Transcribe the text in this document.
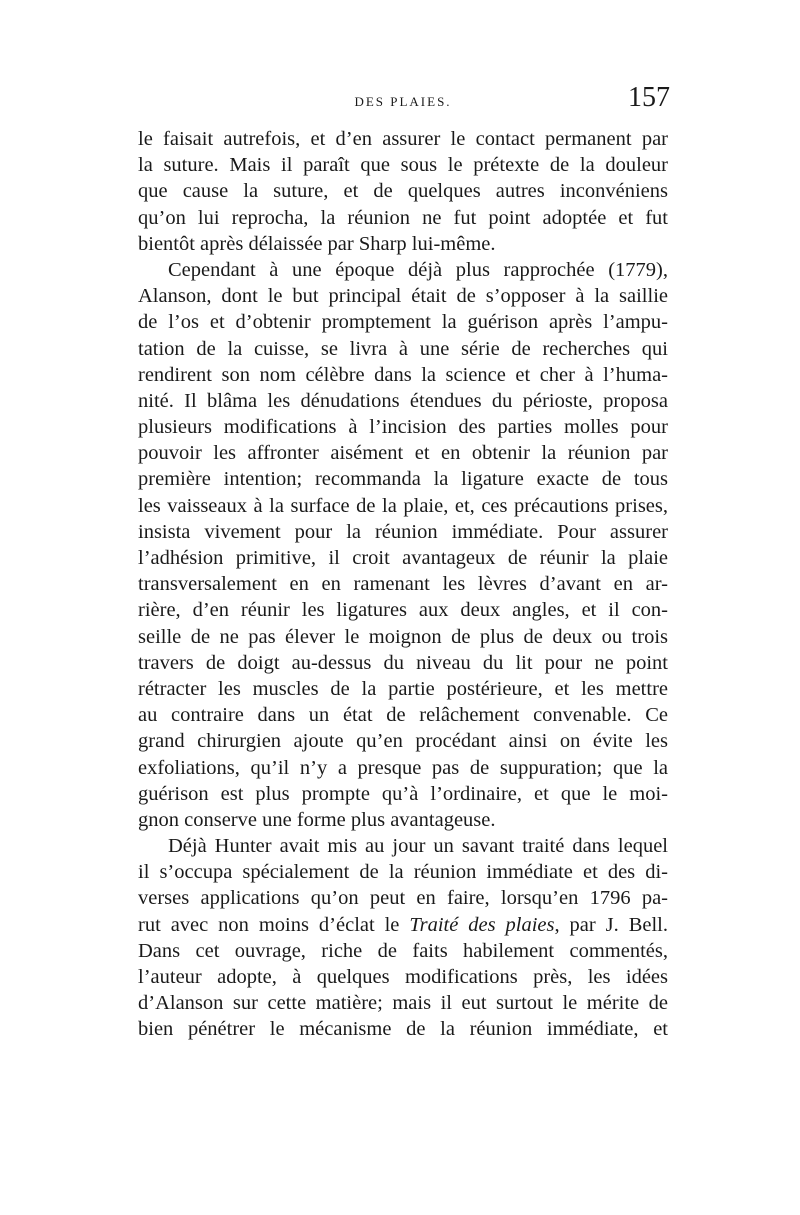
DES PLAIES.	157
le faisait autrefois, et d’en assurer le contact permanent par
la suture. Mais il paraît que sous le prétexte de la douleur
que cause la suture, et de quelques autres inconvéniens
qu’on lui reprocha, la réunion ne fut point adoptée et fut
bientôt après délaissée par Sharp lui-même.
Cependant à une époque déjà plus rapprochée (1779),
Alanson, dont le but principal était de s’opposer à la saillie
de l’os et d’obtenir promptement la guérison après l’ampu-
tation de la cuisse, se livra à une série de recherches qui
rendirent son nom célèbre dans la science et cher à l’huma-
nité. Il blâma les dénudations étendues du périoste, proposa
plusieurs modifications à l’incision des parties molles pour
pouvoir les affronter aisément et en obtenir la réunion par
première intention; recommanda la ligature exacte de tous
les vaisseaux à la surface de la plaie, et, ces précautions prises,
insista vivement pour la réunion immédiate. Pour assurer
l’adhésion primitive, il croit avantageux de réunir la plaie
transversalement en en ramenant les lèvres d’avant en ar-
rière, d’en réunir les ligatures aux deux angles, et il con-
seille de ne pas élever le moignon de plus de deux ou trois
travers de doigt au-dessus du niveau du lit pour ne point
rétracter les muscles de la partie postérieure, et les mettre
au contraire dans un état de relâchement convenable. Ce
grand chirurgien ajoute qu’en procédant ainsi on évite les
exfoliations, qu’il n’y a presque pas de suppuration; que la
guérison est plus prompte qu’à l’ordinaire, et que le moi-
gnon conserve une forme plus avantageuse.
Déjà Hunter avait mis au jour un savant traité dans lequel
il s’occupa spécialement de la réunion immédiate et des di-
verses applications qu’on peut en faire, lorsqu’en 1796 pa-
rut avec non moins d’éclat le Traité des plaies, par J. Bell.
Dans cet ouvrage, riche de faits habilement commentés,
l’auteur adopte, à quelques modifications près, les idées
d’Alanson sur cette matière; mais il eut surtout le mérite de
bien pénétrer le mécanisme de la réunion immédiate, et
